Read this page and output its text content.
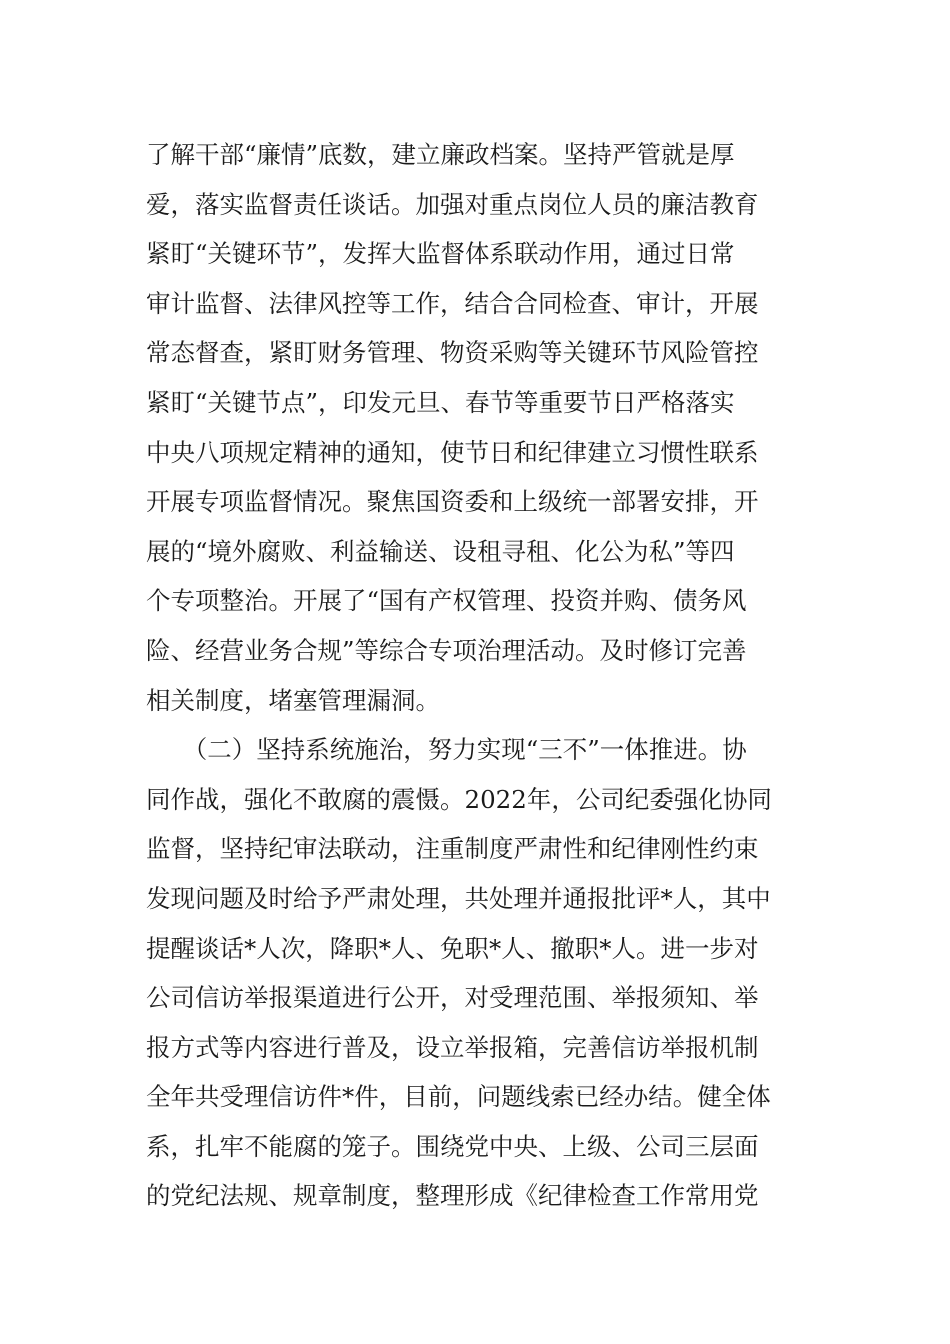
了解干部“廉情”底数，建立廉政档案。坚持严管就是厚
爱，落实监督责任谈话。加强对重点岗位人员的廉洁教育
紧盯“关键环节”，发挥大监督体系联动作用，通过日常
审计监督、法律风控等工作，结合合同检查、审计，开展
常态督查，紧盯财务管理、物资采购等关键环节风险管控
紧盯“关键节点”，印发元旦、春节等重要节日严格落实
中央八项规定精神的通知，使节日和纪律建立习惯性联系
开展专项监督情况。聚焦国资委和上级统一部署安排，开
展的“境外腐败、利益输送、设租寻租、化公为私”等四
个专项整治。开展了“国有产权管理、投资并购、债务风
险、经营业务合规”等综合专项治理活动。及时修订完善
相关制度，堵塞管理漏洞。
　　（二）坚持系统施治，努力实现“三不”一体推进。协
同作战，强化不敢腐的震慑。2022年，公司纪委强化协同
监督，坚持纪审法联动，注重制度严肃性和纪律刚性约束
发现问题及时给予严肃处理，共处理并通报批评*人，其中
提醒谈话*人次，降职*人、免职*人、撤职*人。进一步对
公司信访举报渠道进行公开，对受理范围、举报须知、举
报方式等内容进行普及，设立举报箱，完善信访举报机制
全年共受理信访件*件，目前，问题线索已经办结。健全体
系，扎牢不能腐的笼子。围绕党中央、上级、公司三层面
的党纪法规、规章制度，整理形成《纪律检查工作常用党
